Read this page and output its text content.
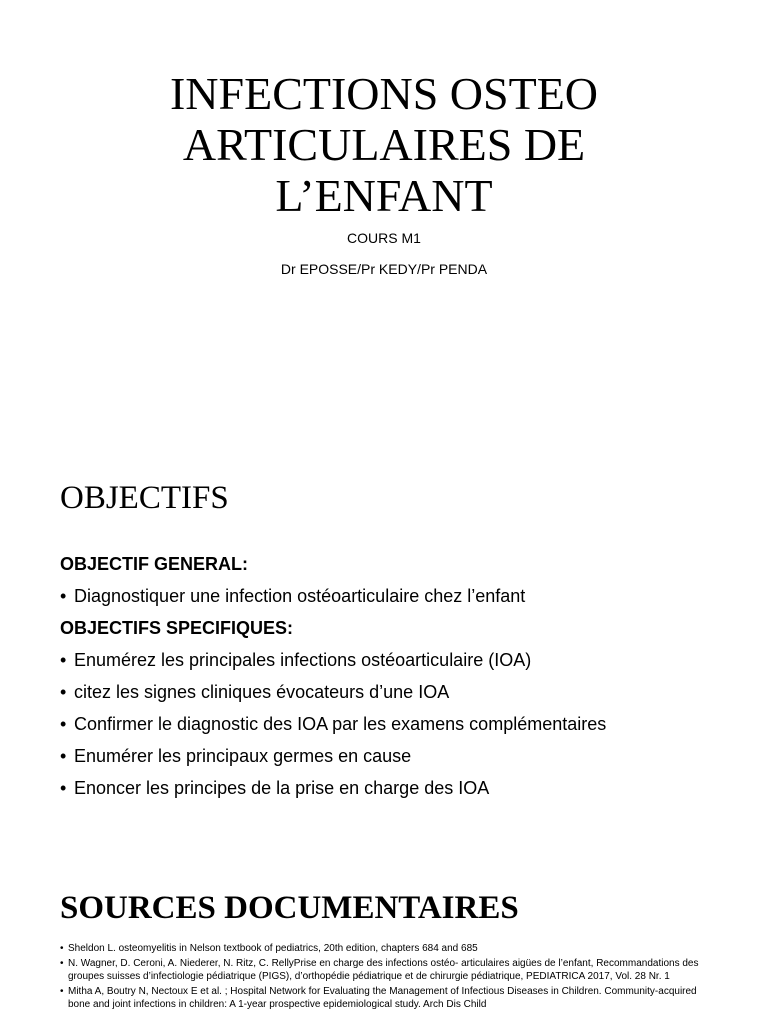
INFECTIONS OSTEO
ARTICULAIRES DE
L’ENFANT
COURS M1
Dr EPOSSE/Pr KEDY/Pr PENDA
OBJECTIFS
OBJECTIF GENERAL:
• Diagnostiquer une infection ostéoarticulaire chez l’enfant
OBJECTIFS SPECIFIQUES:
• Enumérez les principales infections ostéoarticulaire (IOA)
• citez les signes cliniques évocateurs d’une IOA
• Confirmer le diagnostic des IOA par les examens complémentaires
• Enumérer les principaux germes en cause
• Enoncer les principes de la prise en charge des IOA
SOURCES DOCUMENTAIRES
• Sheldon L. osteomyelitis in Nelson textbook of pediatrics, 20th edition, chapters 684 and 685
• N. Wagner, D. Ceroni, A. Niederer, N. Ritz, C. RellyPrise en charge des infections ostéo- articulaires aigües de l’enfant, Recommandations des groupes suisses d’infectiologie pédiatrique (PIGS), d’orthopédie pédiatrique et de chirurgie pédiatrique, PEDIATRICA 2017, Vol. 28 Nr. 1
• Mitha A, Boutry N, Nectoux E et al. ; Hospital Network for Evaluating the Management of Infectious Diseases in Children. Community-acquired bone and joint infections in children: A 1-year prospective epidemiological study. Arch Dis Child
